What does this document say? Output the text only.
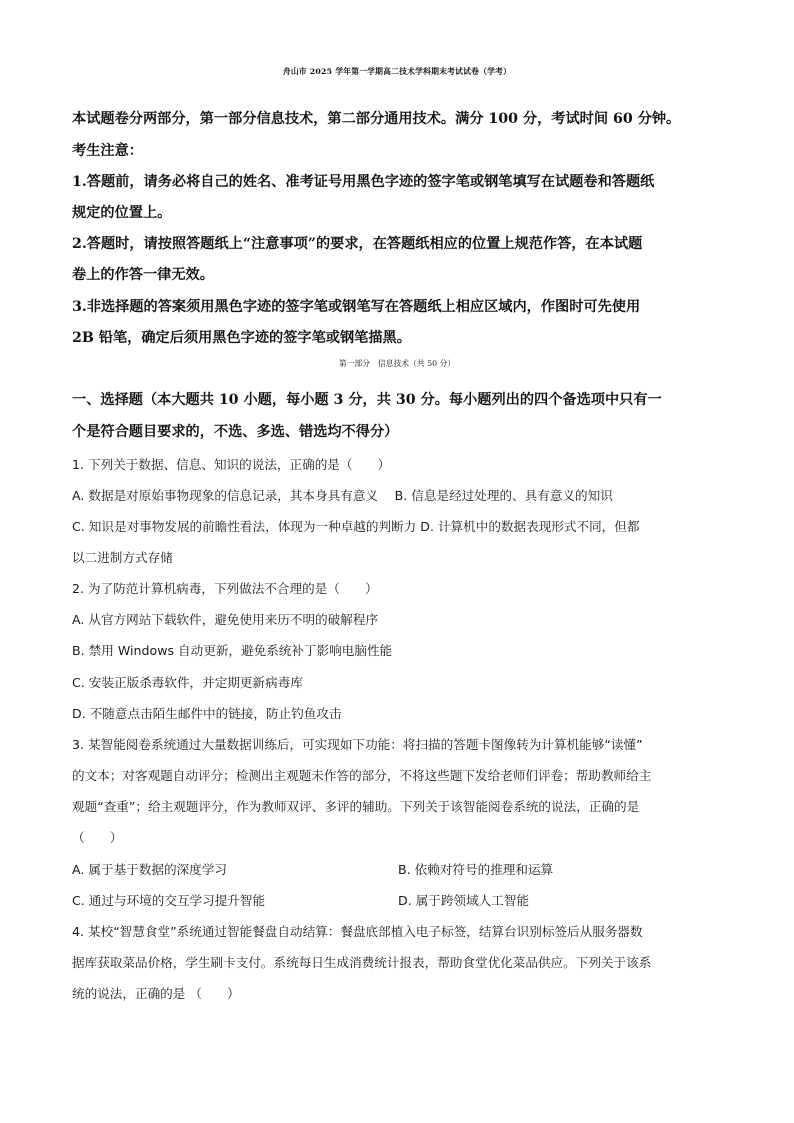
舟山市 2025 学年第一学期高二技术学科期末考试试卷（学考）
本试题卷分两部分，第一部分信息技术，第二部分通用技术。满分 100 分，考试时间 60 分钟。
考生注意：
1.答题前，请务必将自己的姓名、准考证号用黑色字迹的签字笔或钢笔填写在试题卷和答题纸
规定的位置上。
2.答题时，请按照答题纸上“注意事项”的要求，在答题纸相应的位置上规范作答，在本试题
卷上的作答一律无效。
3.非选择题的答案须用黑色字迹的签字笔或钢笔写在答题纸上相应区域内，作图时可先使用
2B 铅笔，确定后须用黑色字迹的签字笔或钢笔描黑。
第一部分　信息技术（共 50 分）
一、选择题（本大题共 10 小题，每小题 3 分，共 30 分。每小题列出的四个备选项中只有一
个是符合题目要求的，不选、多选、错选均不得分）
1. 下列关于数据、信息、知识的说法，正确的是（　　）
A. 数据是对原始事物现象的信息记录，其本身具有意义　 B. 信息是经过处理的、具有意义的知识
C. 知识是对事物发展的前瞻性看法，体现为一种卓越的判断力 D. 计算机中的数据表现形式不同，但都
以二进制方式存储
2. 为了防范计算机病毒，下列做法不合理的是（　　）
A. 从官方网站下载软件，避免使用来历不明的破解程序
B. 禁用 Windows 自动更新，避免系统补丁影响电脑性能
C. 安装正版杀毒软件，并定期更新病毒库
D. 不随意点击陌生邮件中的链接，防止钓鱼攻击
3. 某智能阅卷系统通过大量数据训练后，可实现如下功能：将扫描的答题卡图像转为计算机能够“读懂”
的文本；对客观题自动评分；检测出主观题未作答的部分，不将这些题下发给老师们评卷；帮助教师给主
观题“查重”；给主观题评分，作为教师双评、多评的辅助。下列关于该智能阅卷系统的说法，正确的是
（　　）
A. 属于基于数据的深度学习	B. 依赖对符号的推理和运算
C. 通过与环境的交互学习提升智能	D. 属于跨领域人工智能
4. 某校“智慧食堂”系统通过智能餐盘自动结算：餐盘底部植入电子标签，结算台识别标签后从服务器数
据库获取菜品价格，学生刷卡支付。系统每日生成消费统计报表，帮助食堂优化菜品供应。下列关于该系
统的说法，正确的是 （　　）
